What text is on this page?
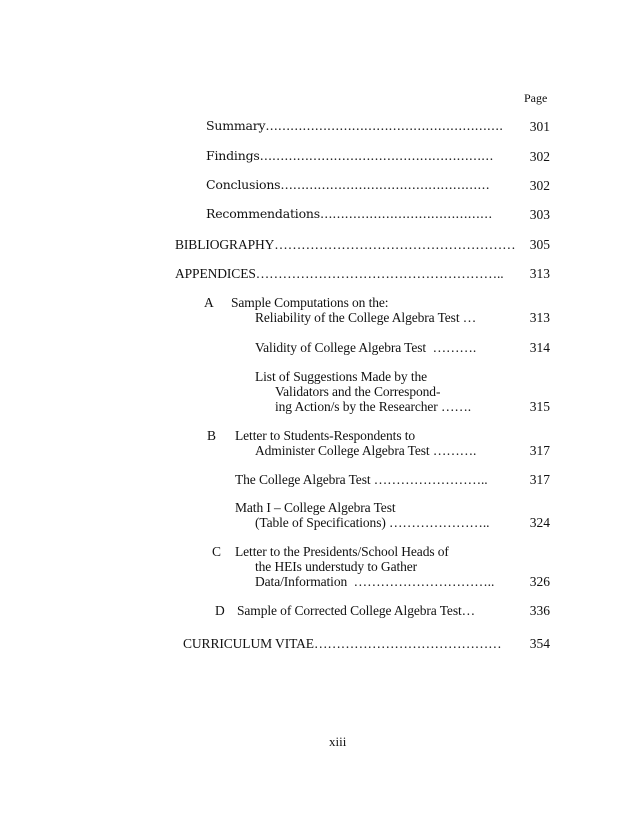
Page
Summary………………………………………………….	301
Findings…………………………………………………	302
Conclusions……………………………………………	302
Recommendations……………………………………	303
BIBLIOGRAPHY………………………………………………	305
APPENDICES………………………………………………..	313
A Sample Computations on the:
Reliability of the College Algebra Test …	313
Validity of College Algebra Test  ……….	314
List of Suggestions Made by the
Validators and the Correspond-
ing Action/s by the Researcher …….	315
B Letter to Students-Respondents to
Administer College Algebra Test ……….	317
The College Algebra Test ……………………..	317
Math I – College Algebra Test
(Table of Specifications) …………………..	324
C Letter to the Presidents/School Heads of
the HEIs understudy to Gather
Data/Information  …………………………..	326
D Sample of Corrected College Algebra Test…	336
CURRICULUM VITAE……………………………………	354
xiii
